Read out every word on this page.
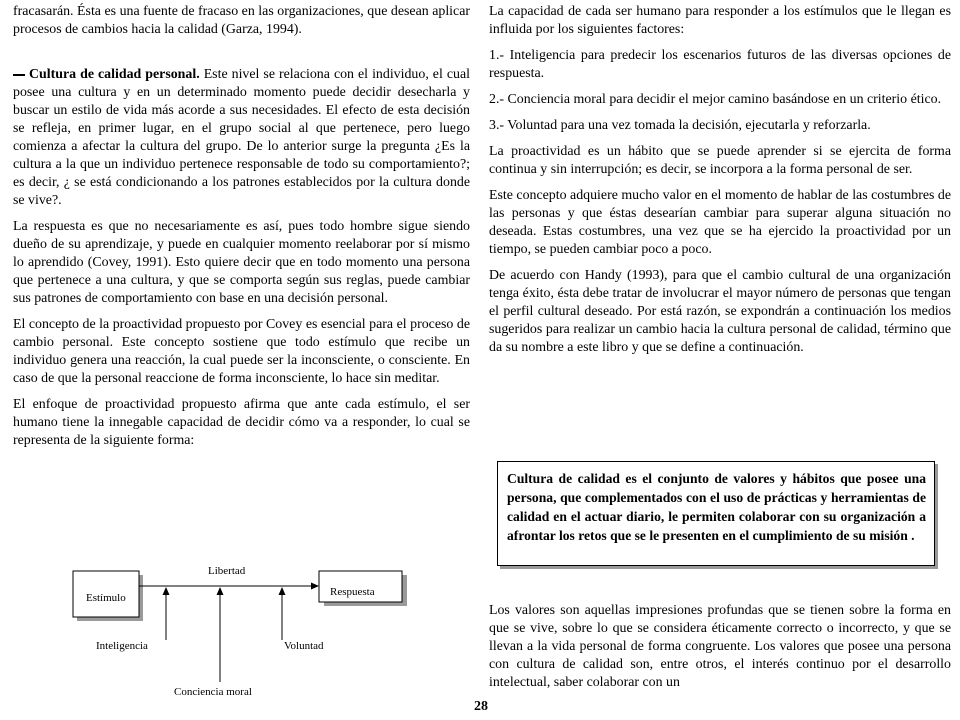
fracasarán. Ésta es una fuente de fracaso en las organizaciones, que desean aplicar procesos de cambios hacia la calidad (Garza, 1994).

Cultura de calidad personal. Este nivel se relaciona con el individuo, el cual posee una cultura y en un determinado momento puede decidir desecharla y buscar un estilo de vida más acorde a sus necesidades. El efecto de esta decisión se refleja, en primer lugar, en el grupo social al que pertenece, pero luego comienza a afectar la cultura del grupo. De lo anterior surge la pregunta ¿Es la cultura a la que un individuo pertenece responsable de todo su comportamiento?; es decir, ¿ se está condicionando a los patrones establecidos por la cultura donde se vive?.

La respuesta es que no necesariamente es así, pues todo hombre sigue siendo dueño de su aprendizaje, y puede en cualquier momento reelaborar por sí mismo lo aprendido (Covey, 1991). Esto quiere decir que en todo momento una persona que pertenece a una cultura, y que se comporta según sus reglas, puede cambiar sus patrones de comportamiento con base en una decisión personal.

El concepto de la proactividad propuesto por Covey es esencial para el proceso de cambio personal. Este concepto sostiene que todo estímulo que recibe un individuo genera una reacción, la cual puede ser la inconsciente, o consciente. En caso de que la personal reaccione de forma inconsciente, lo hace sin meditar.

El enfoque de proactividad propuesto afirma que ante cada estímulo, el ser humano tiene la innegable capacidad de decidir cómo va a responder, lo cual se representa de la siguiente forma:

Estímulo	Respuesta
Libertad
Inteligencia	Voluntad
Conciencia moral

La capacidad de cada ser humano para responder a los estímulos que le llegan es influida por los siguientes factores:

1.- Inteligencia para predecir los escenarios futuros de las diversas opciones de respuesta.

2.- Conciencia moral para decidir el mejor camino basándose en un criterio ético.

3.- Voluntad para una vez tomada la decisión, ejecutarla y reforzarla.

La proactividad es un hábito que se puede aprender si se ejercita de forma continua y sin interrupción; es decir, se incorpora a la forma personal de ser.

Este concepto adquiere mucho valor en el momento de hablar de las costumbres de las personas y que éstas desearían cambiar para superar alguna situación no deseada. Estas costumbres, una vez que se ha ejercido la proactividad por un tiempo, se pueden cambiar poco a poco.

De acuerdo con Handy (1993), para que el cambio cultural de una organización tenga éxito, ésta debe tratar de involucrar el mayor número de personas que tengan el perfil cultural deseado. Por está razón, se expondrán a continuación los medios sugeridos para realizar un cambio hacia la cultura personal de calidad, término que da su nombre a este libro y que se define a continuación.

Los valores son aquellas impresiones profundas que se tienen sobre la forma en que se vive, sobre lo que se considera éticamente correcto o incorrecto, y que se llevan a la vida personal de forma congruente. Los valores que posee una persona con cultura de calidad son, entre otros, el interés continuo por el desarrollo intelectual, saber colaborar con un

Cultura de calidad es el conjunto de valores y hábitos que posee una persona, que complementados con el uso de prácticas y herramientas de calidad en el actuar diario, le permiten colaborar con su organización a afrontar los retos que se le presenten en el cumplimiento de su misión .
28
